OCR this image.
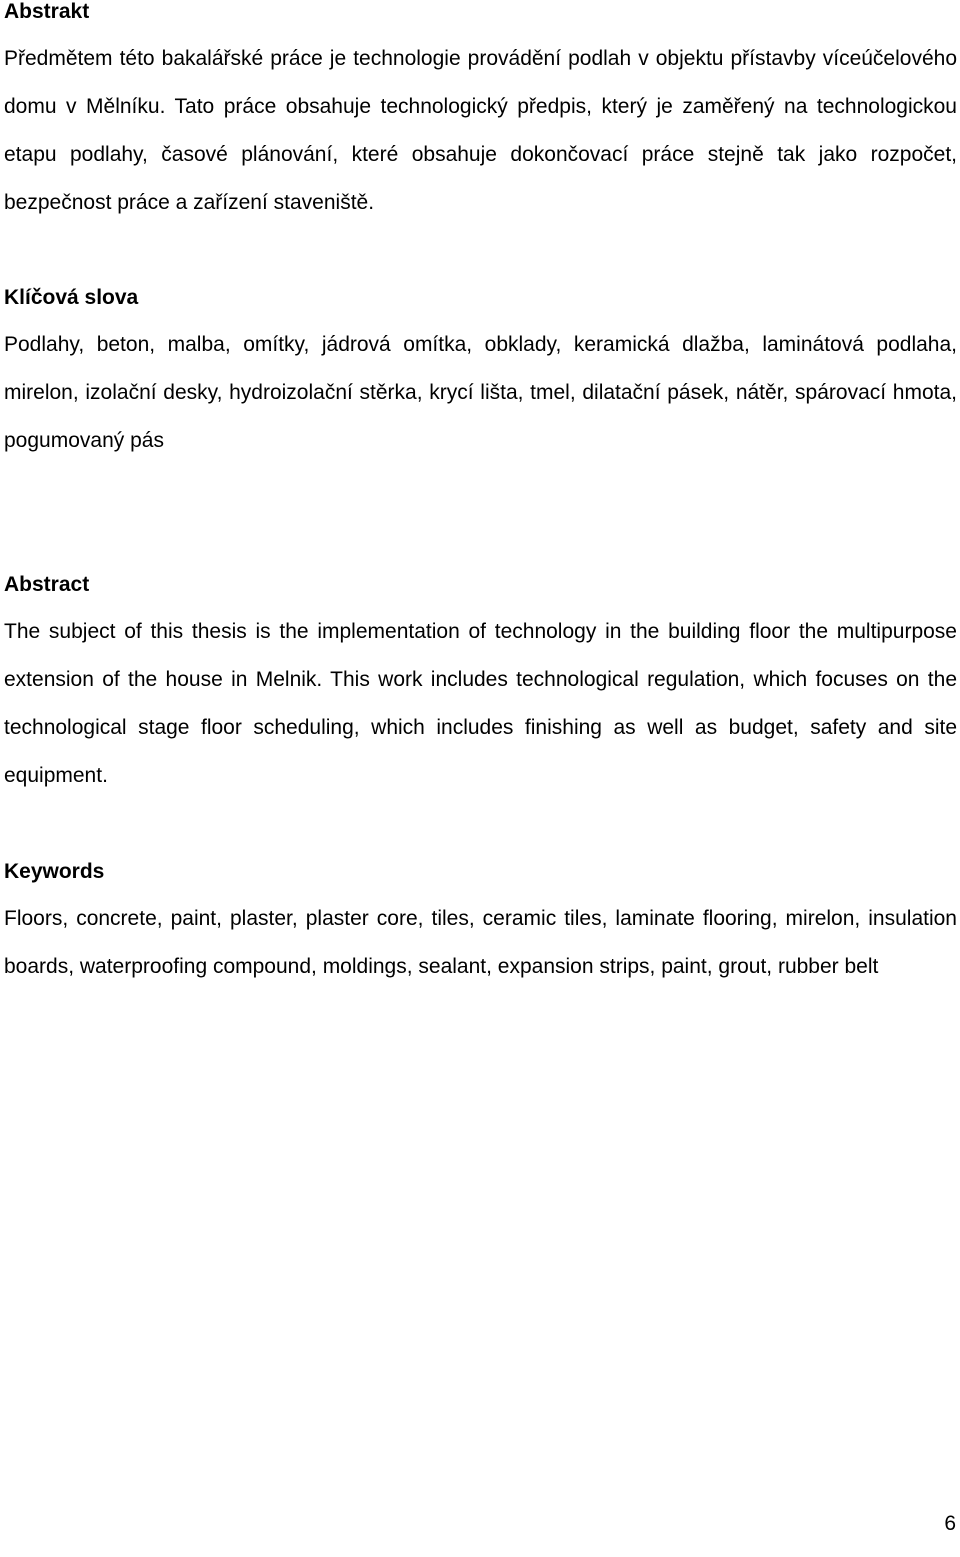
Abstrakt

Předmětem této bakalářské práce je technologie provádění podlah v objektu přístavby víceúčelového domu v Mělníku. Tato práce obsahuje technologický předpis, který je zaměřený na technologickou etapu podlahy, časové plánování, které obsahuje dokončovací práce stejně tak jako rozpočet, bezpečnost práce a zařízení staveniště.

Klíčová slova

Podlahy, beton, malba, omítky, jádrová omítka, obklady, keramická dlažba, laminátová podlaha, mirelon, izolační desky, hydroizolační stěrka, krycí lišta, tmel, dilatační pásek, nátěr, spárovací hmota, pogumovaný pás

Abstract

The subject of this thesis is the implementation of technology in the building floor the multipurpose extension of the house in Melnik. This work includes technological regulation, which focuses on the technological stage floor scheduling, which includes finishing as well as budget, safety and site equipment.

Keywords

Floors, concrete, paint, plaster, plaster core, tiles, ceramic tiles, laminate flooring, mirelon, insulation boards, waterproofing compound, moldings, sealant, expansion strips, paint, grout, rubber belt

6
